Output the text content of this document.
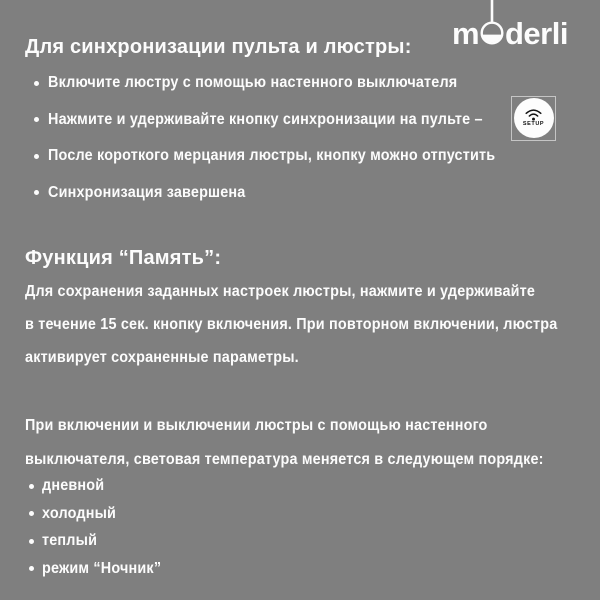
m derli
Для синхронизации пульта и люстры:
Включите люстру с помощью настенного выключателя
Нажмите и удерживайте кнопку синхронизации на пульте –	SETUP
После короткого мерцания люстры, кнопку можно отпустить
Синхронизация завершена
Функция “Память”:
Для сохранения заданных настроек люстры, нажмите и удерживайте
в течение 15 сек. кнопку включения. При повторном включении, люстра
активирует сохраненные параметры.
При включении и выключении люстры с помощью настенного
выключателя, световая температура меняется в следующем порядке:
дневной
холодный
теплый
режим “Ночник”
